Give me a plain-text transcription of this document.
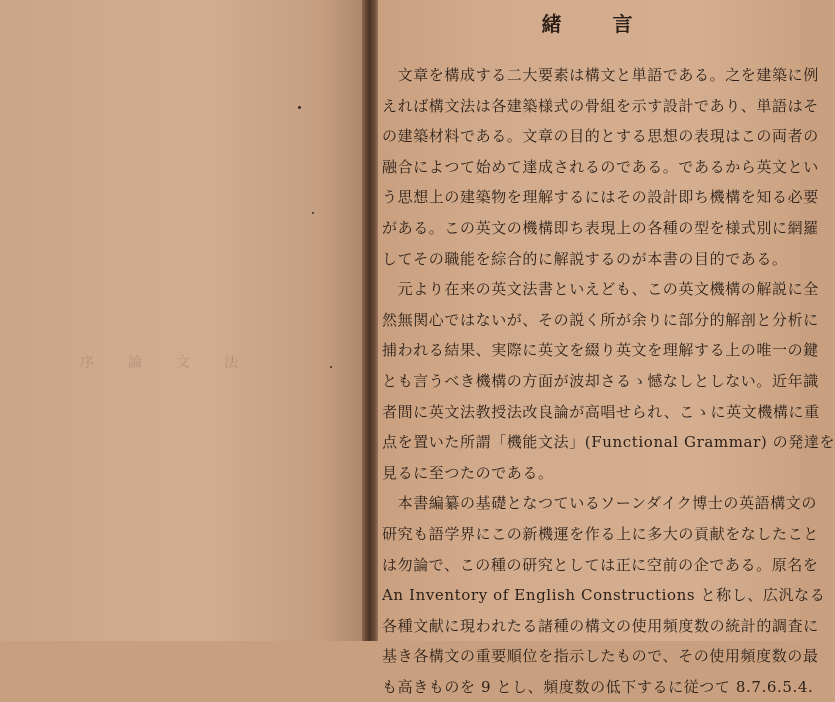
序　論　文　法
緒 言
　文章を構成する二大要素は構文と単語である。之を建築に例
えれば構文法は各建築様式の骨組を示す設計であり、単語はそ
の建築材料である。文章の目的とする思想の表現はこの両者の
融合によつて始めて達成されるのである。であるから英文とい
う思想上の建築物を理解するにはその設計即ち機構を知る必要
がある。この英文の機構即ち表現上の各種の型を様式別に網羅
してその職能を綜合的に解説するのが本書の目的である。
　元より在来の英文法書といえども、この英文機構の解説に全
然無関心ではないが、その説く所が余りに部分的解剖と分析に
捕われる結果、実際に英文を綴り英文を理解する上の唯一の鍵
とも言うべき機構の方面が波却さるゝ憾なしとしない。近年識
者間に英文法教授法改良論が高唱せられ、こゝに英文機構に重
点を置いた所謂「機能文法」(Functional Grammar) の発達を
見るに至つたのである。
　本書編纂の基礎となつているソーンダイク博士の英語構文の
研究も語学界にこの新機運を作る上に多大の貢献をなしたこと
は勿論で、この種の研究としては正に空前の企である。原名を
An Inventory of English Constructions と称し、広汎なる
各種文献に現われたる諸種の構文の使用頻度数の統計的調査に
基き各構文の重要順位を指示したもので、その使用頻度数の最
も高きものを 9 とし、頻度数の低下するに従つて 8.7.6.5.4.
